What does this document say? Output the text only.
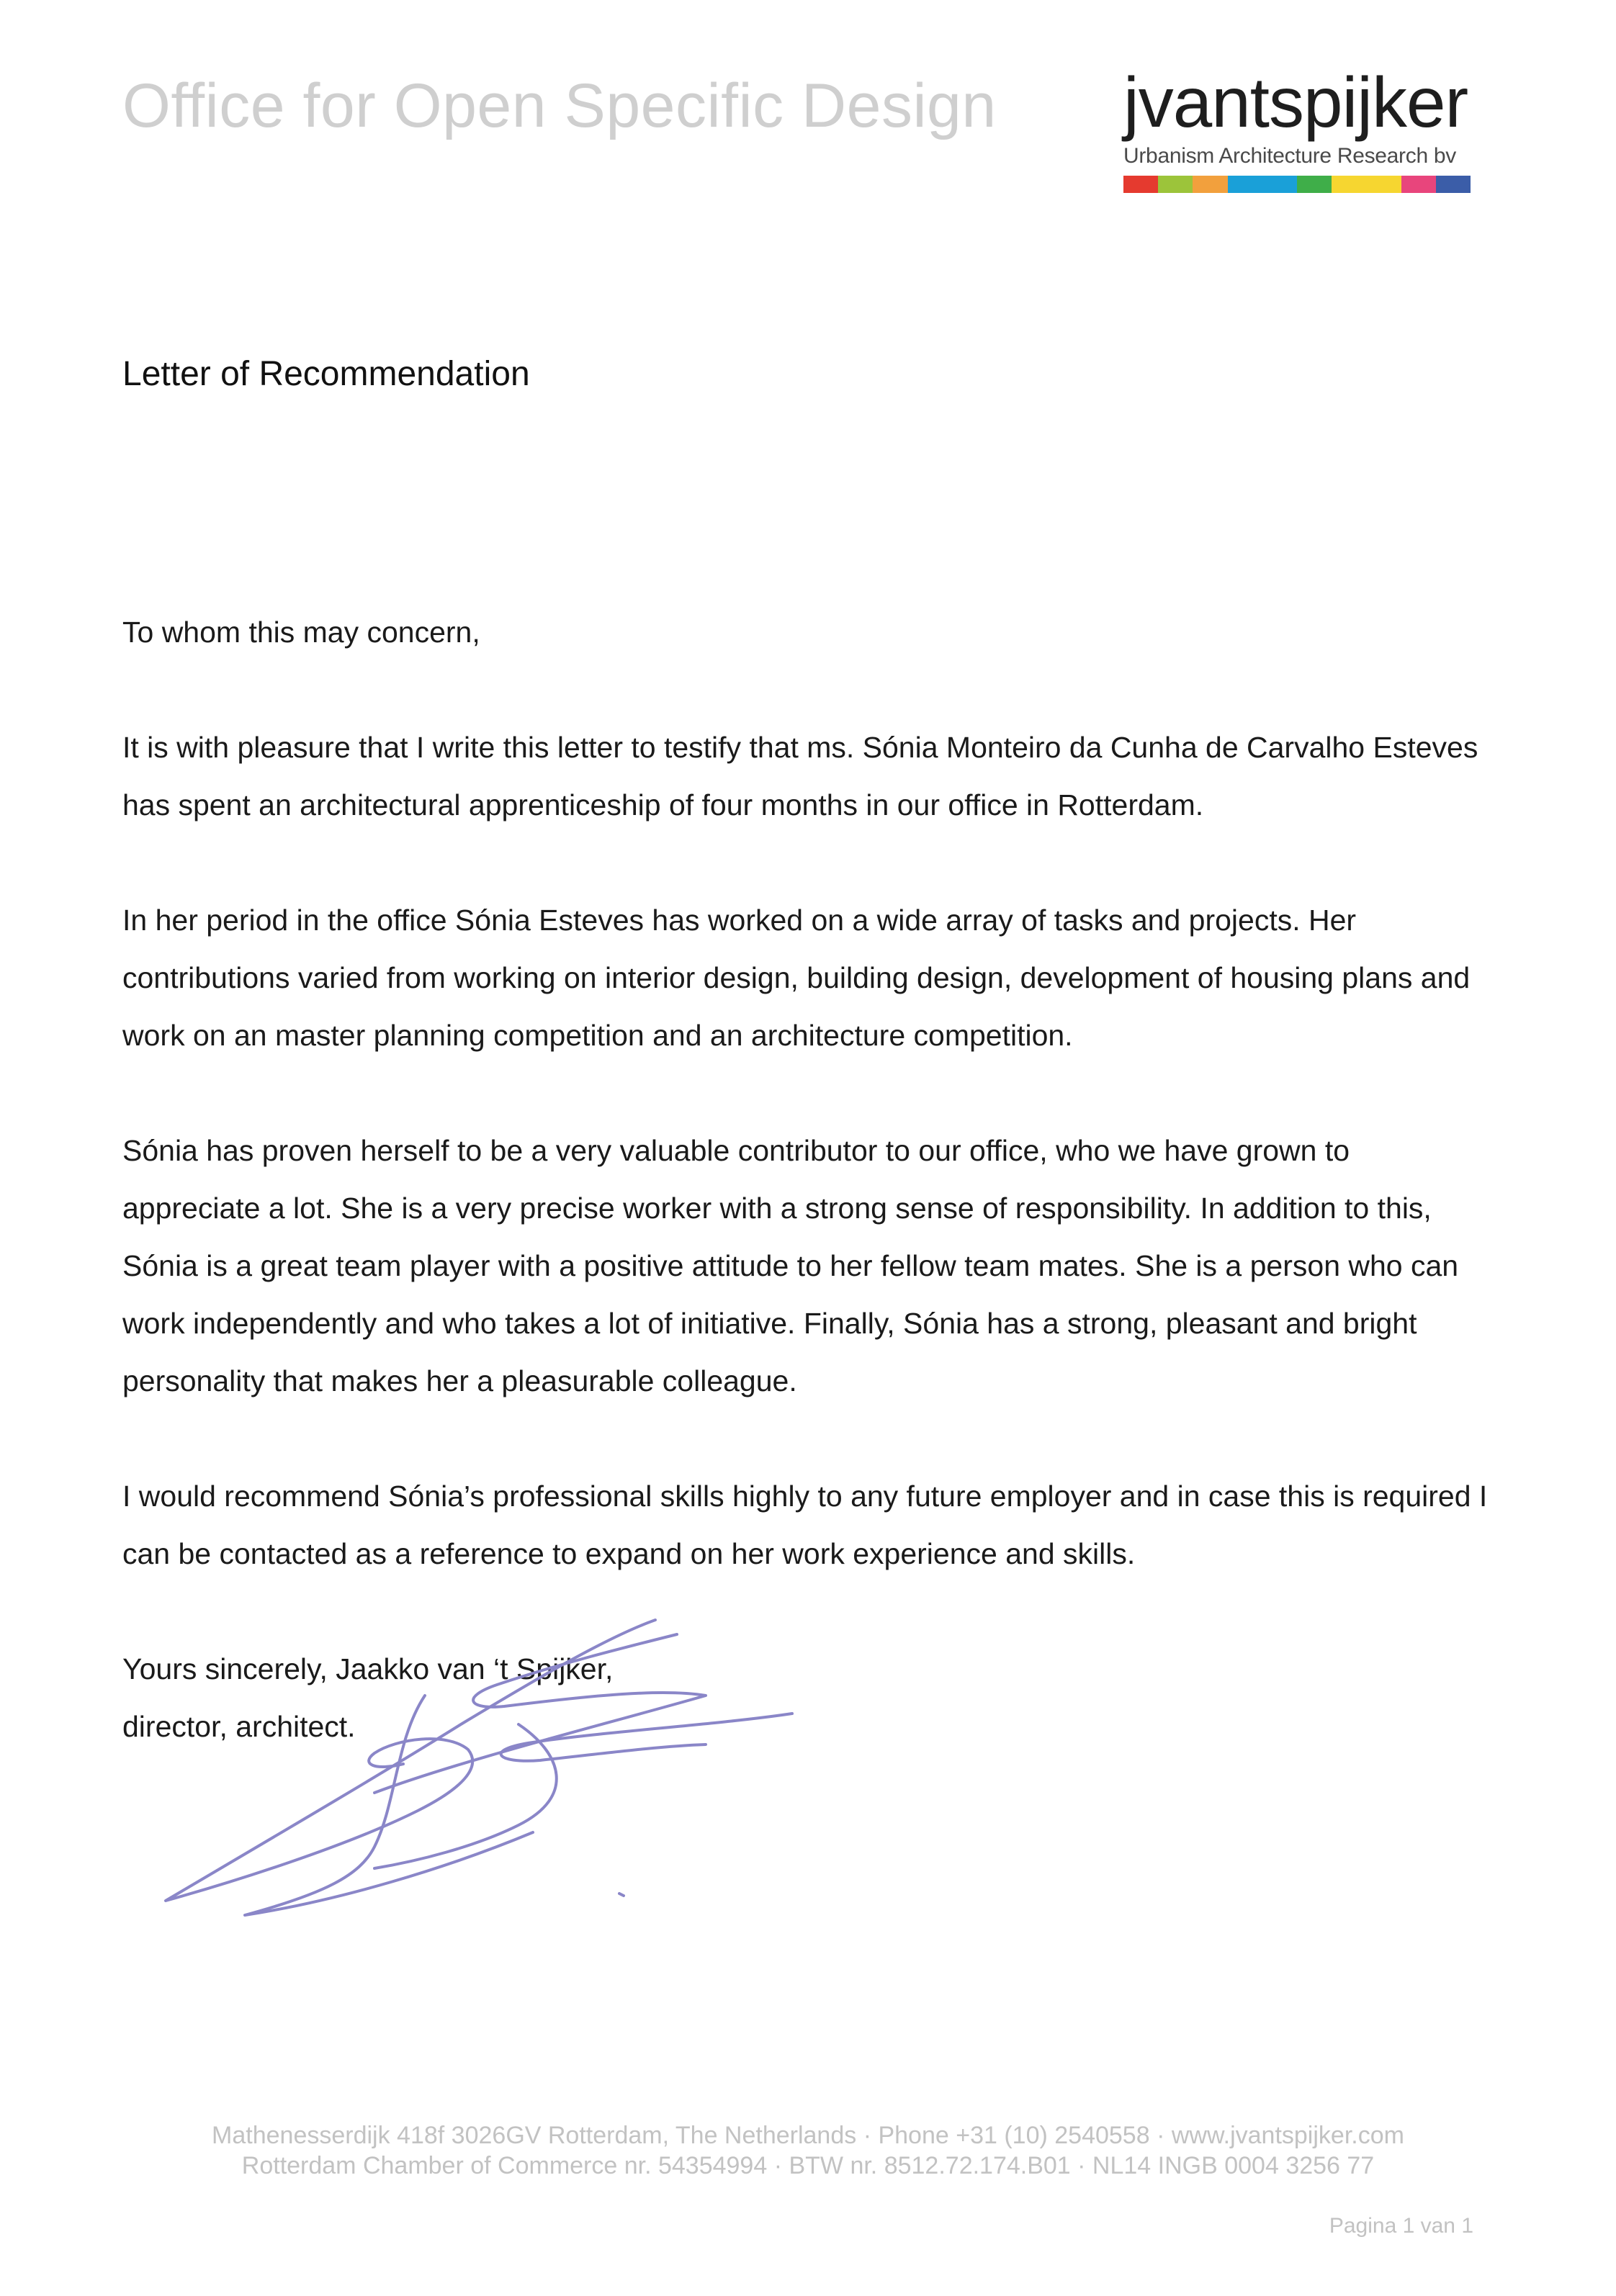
Office for Open Specific Design jvantspijker
Urbanism Architecture Research bv
Letter of Recommendation

To whom this may concern,

It is with pleasure that I write this letter to testify that ms. Sónia Monteiro da Cunha de Carvalho Esteves has spent an architectural apprenticeship of four months in our office in Rotterdam.

In her period in the office Sónia Esteves has worked on a wide array of tasks and projects. Her contributions varied from working on interior design, building design, development of housing plans and work on an master planning competition and an architecture competition.

Sónia has proven herself to be a very valuable contributor to our office, who we have grown to appreciate a lot. She is a very precise worker with a strong sense of responsibility. In addition to this, Sónia is a great team player with a positive attitude to her fellow team mates. She is a person who can work independently and who takes a lot of initiative. Finally, Sónia has a strong, pleasant and bright personality that makes her a pleasurable colleague.

I would recommend Sónia’s professional skills highly to any future employer and in case this is required I can be contacted as a reference to expand on her work experience and skills.

Yours sincerely, Jaakko van ‘t Spijker,

director, architect.

Mathenesserdijk 418f 3026GV Rotterdam, The Netherlands · Phone +31 (10) 2540558 · www.jvantspijker.com
Rotterdam Chamber of Commerce nr. 54354994 · BTW nr. 8512.72.174.B01 · NL14 INGB 0004 3256 77
Pagina 1 van 1
